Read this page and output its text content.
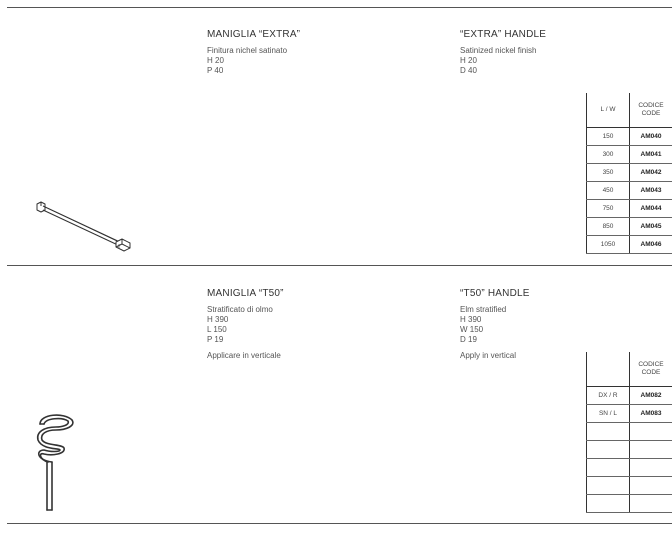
MANIGLIA “EXTRA”
Finitura nichel satinato
H 20
P 40
“EXTRA” HANDLE
Satinized nickel finish
H 20
D 40
L / W	CODICE
CODE

150	AM040
300	AM041
350	AM042
450	AM043
750	AM044
850	AM045
1050	AM046
MANIGLIA “T50”
Stratificato di olmo
H 390
L 150
P 19
Applicare in verticale
“T50” HANDLE
Elm stratified
H 390
W 150
D 19
Apply in vertical

	CODICE
CODE

DX / R	AM082
SN / L	AM083
